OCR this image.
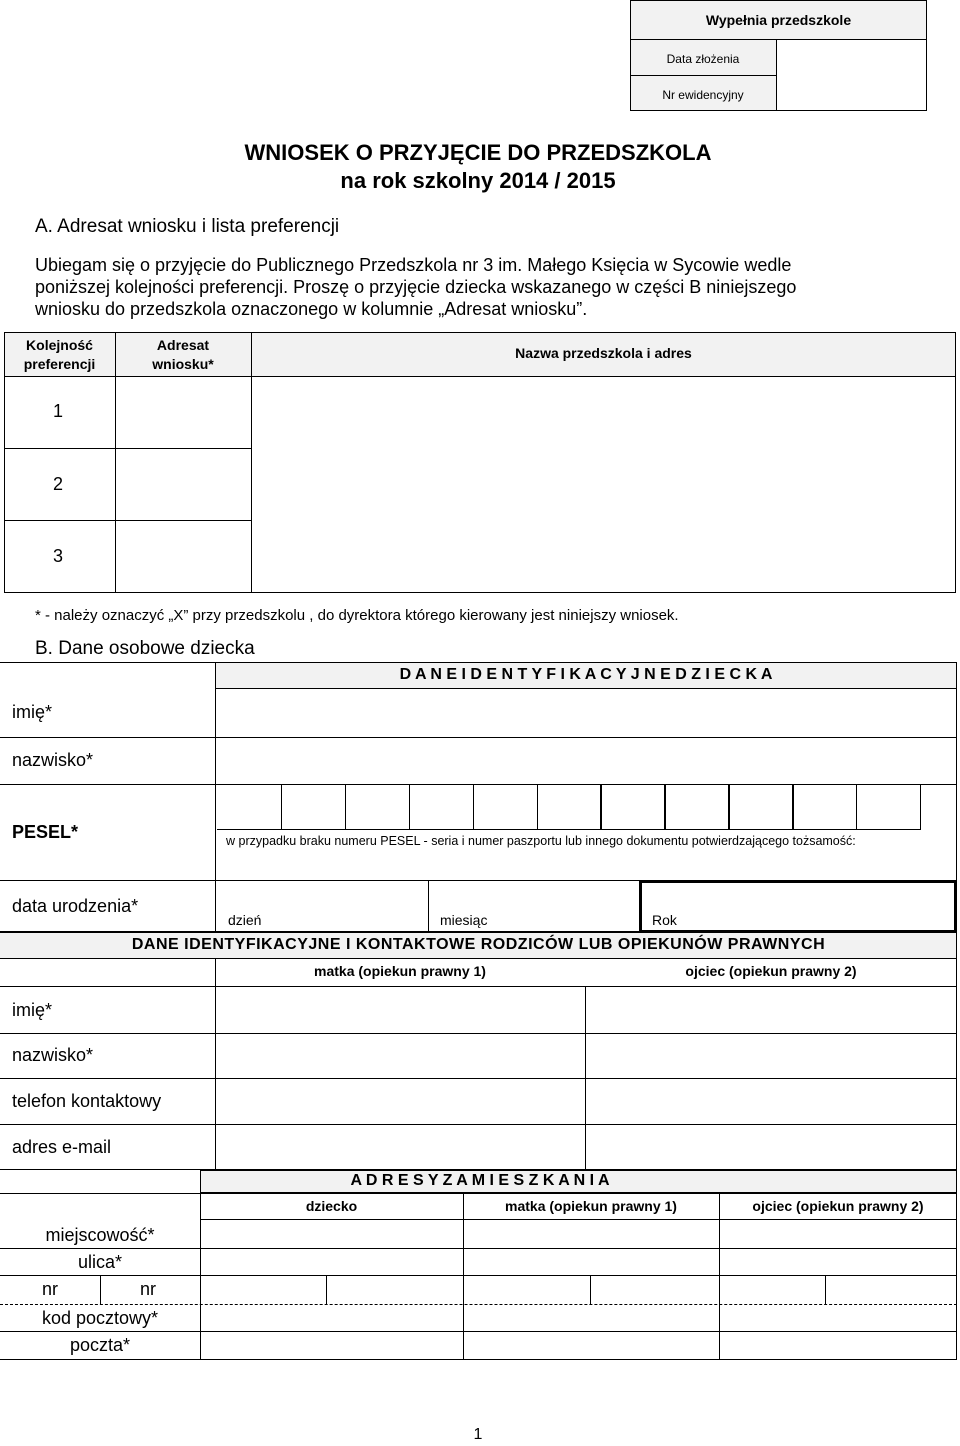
Wypełnia przedszkole
Data złożenia
Nr ewidencyjny
WNIOSEK O PRZYJĘCIE DO PRZEDSZKOLA
na rok szkolny 2014 / 2015
A. Adresat wniosku i lista preferencji
Ubiegam się o przyjęcie do Publicznego Przedszkola nr 3 im. Małego Księcia w Sycowie wedle
poniższej kolejności preferencji. Proszę o przyjęcie dziecka wskazanego w części B niniejszego
wniosku do przedszkola oznaczonego w kolumnie „Adresat wniosku”.
Kolejność
preferencji
Adresat
wniosku*
Nazwa przedszkola i adres
1
2
3
* - należy oznaczyć „X” przy przedszkolu , do dyrektora którego kierowany jest niniejszy wniosek.
B. Dane osobowe dziecka
D A N E I D E N T Y F I K A C Y J N E D Z I E C K A
imię*
nazwisko*
PESEL*	w przypadku braku numeru PESEL - seria i numer paszportu lub innego dokumentu potwierdzającego tożsamość:
data urodzenia*
dzień	miesiąc	Rok
DANE IDENTYFIKACYJNE I KONTAKTOWE RODZICÓW LUB OPIEKUNÓW PRAWNYCH
matka (opiekun prawny 1)	ojciec (opiekun prawny 2)
imię*
nazwisko*
telefon kontaktowy
adres e-mail
A D R E S Y Z A M I E S Z K A N I A
dziecko	matka (opiekun prawny 1)	ojciec (opiekun prawny 2)
miejscowość*
ulica*
nr	nr
kod pocztowy*
poczta*
1
